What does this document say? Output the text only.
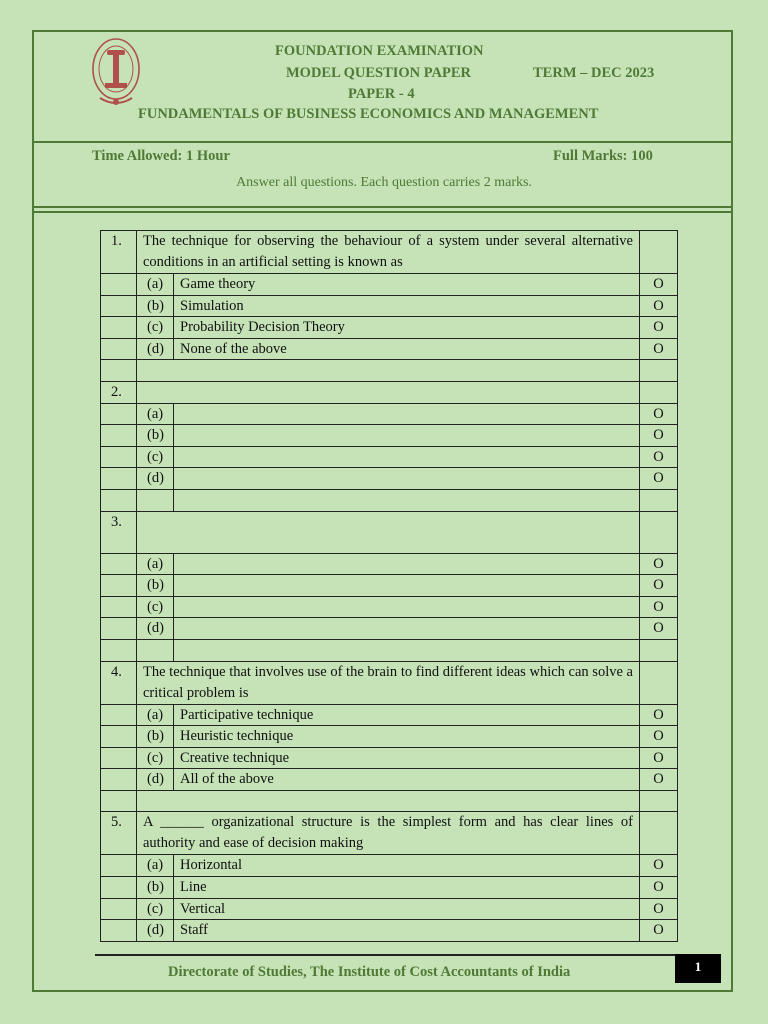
FOUNDATION EXAMINATION
MODEL QUESTION PAPER	TERM – DEC 2023
PAPER - 4
FUNDAMENTALS OF BUSINESS ECONOMICS AND MANAGEMENT
Time Allowed: 1 Hour	Full Marks: 100
Answer all questions. Each question carries 2 marks.
1.	The technique for observing the behaviour of a system under several alternative conditions in an artificial setting is known as		
	(a)	Game theory	O
	(b)	Simulation	O
	(c)	Probability Decision Theory	O
	(d)	None of the above	O

2.			
	(a)		O
	(b)		O
	(c)		O
	(d)		O

3.			
	(a)		O
	(b)		O
	(c)		O
	(d)		O

4.	The technique that involves use of the brain to find different ideas which can solve a critical problem is		
	(a)	Participative technique	O
	(b)	Heuristic technique	O
	(c)	Creative technique	O
	(d)	All of the above	O

5.	A ______ organizational structure is the simplest form and has clear lines of authority and ease of decision making		
	(a)	Horizontal	O
	(b)	Line	O
	(c)	Vertical	O
	(d)	Staff	O
Directorate of Studies, The Institute of Cost Accountants of India	1
